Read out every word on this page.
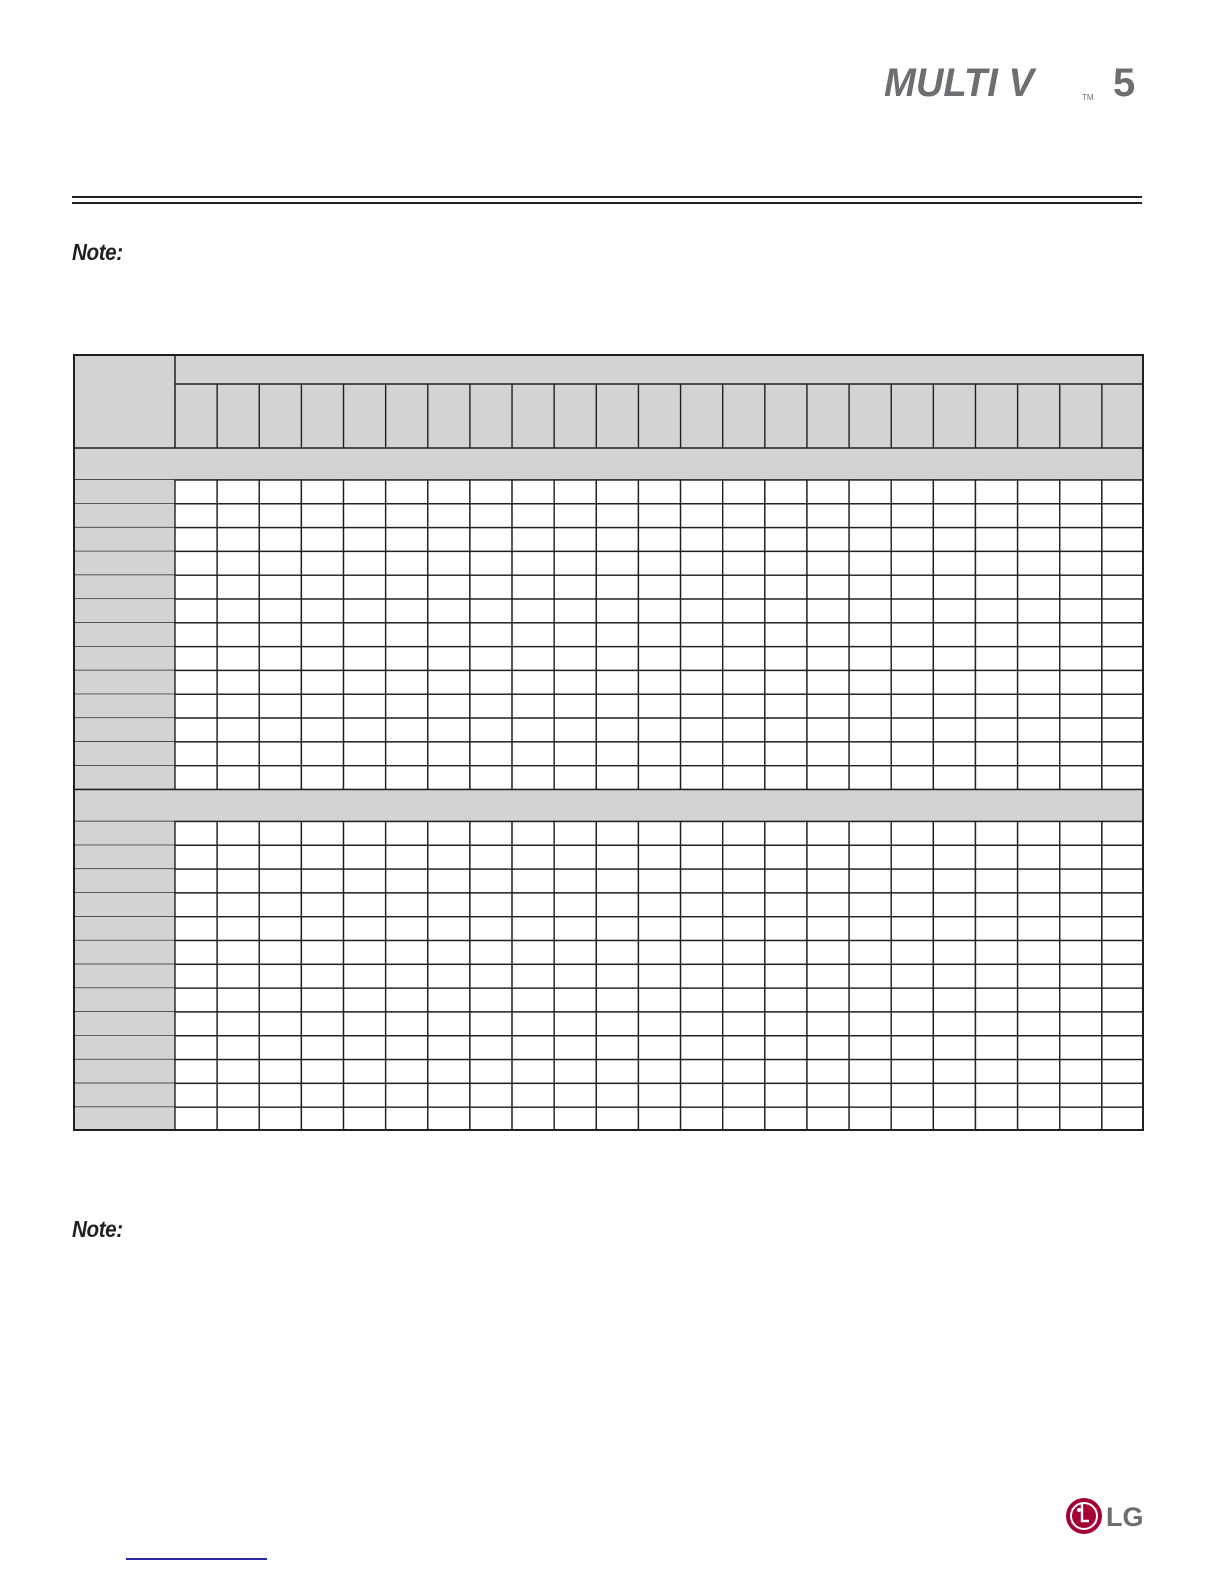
MULTI V	TM 5
Note:
Note:
LG
